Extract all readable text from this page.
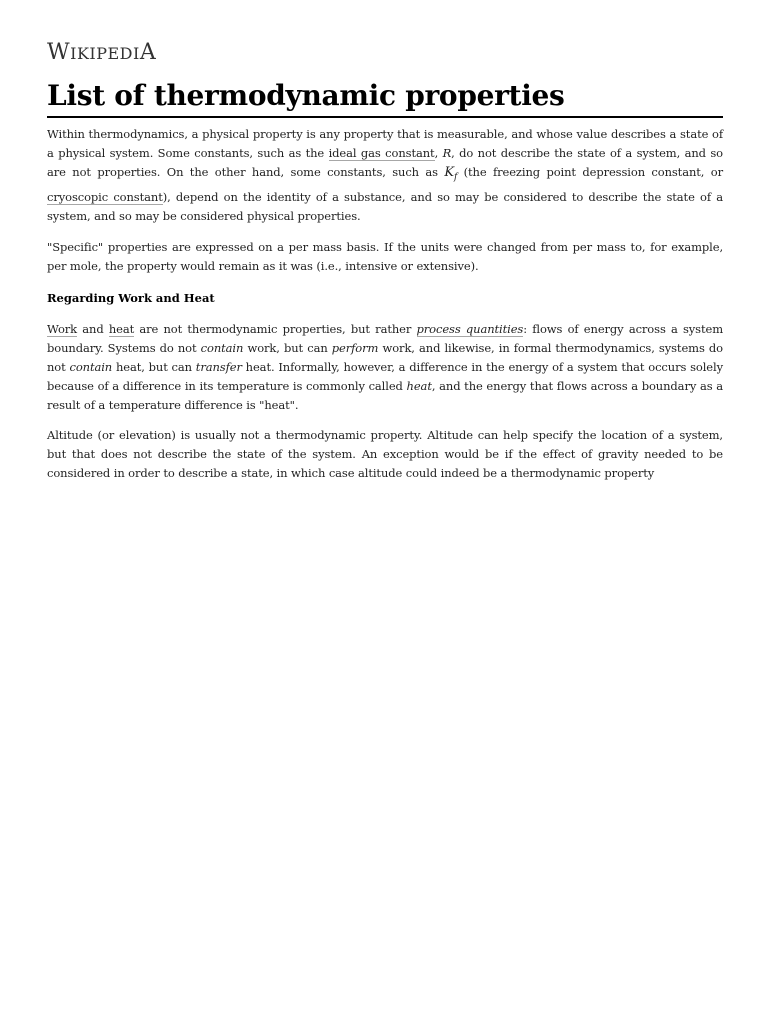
WIKIPEDIA
List of thermodynamic properties

Within thermodynamics, a physical property is any property that is measurable, and whose value describes a state of a physical system. Some constants, such as the ideal gas constant, R, do not describe the state of a system, and so are not properties. On the other hand, some constants, such as $K_f$ (the freezing point depression constant, or cryoscopic constant), depend on the identity of a substance, and so may be considered to describe the state of a system, and so may be considered physical properties.

"Specific" properties are expressed on a per mass basis. If the units were changed from per mass to, for example, per mole, the property would remain as it was (i.e., intensive or extensive).

Regarding Work and Heat

Work and heat are not thermodynamic properties, but rather process quantities: flows of energy across a system boundary. Systems do not contain work, but can perform work, and likewise, in formal thermodynamics, systems do not contain heat, but can transfer heat. Informally, however, a difference in the energy of a system that occurs solely because of a difference in its temperature is commonly called heat, and the energy that flows across a boundary as a result of a temperature difference is "heat".

Altitude (or elevation) is usually not a thermodynamic property. Altitude can help specify the location of a system, but that does not describe the state of the system. An exception would be if the effect of gravity needed to be considered in order to describe a state, in which case altitude could indeed be a thermodynamic property
